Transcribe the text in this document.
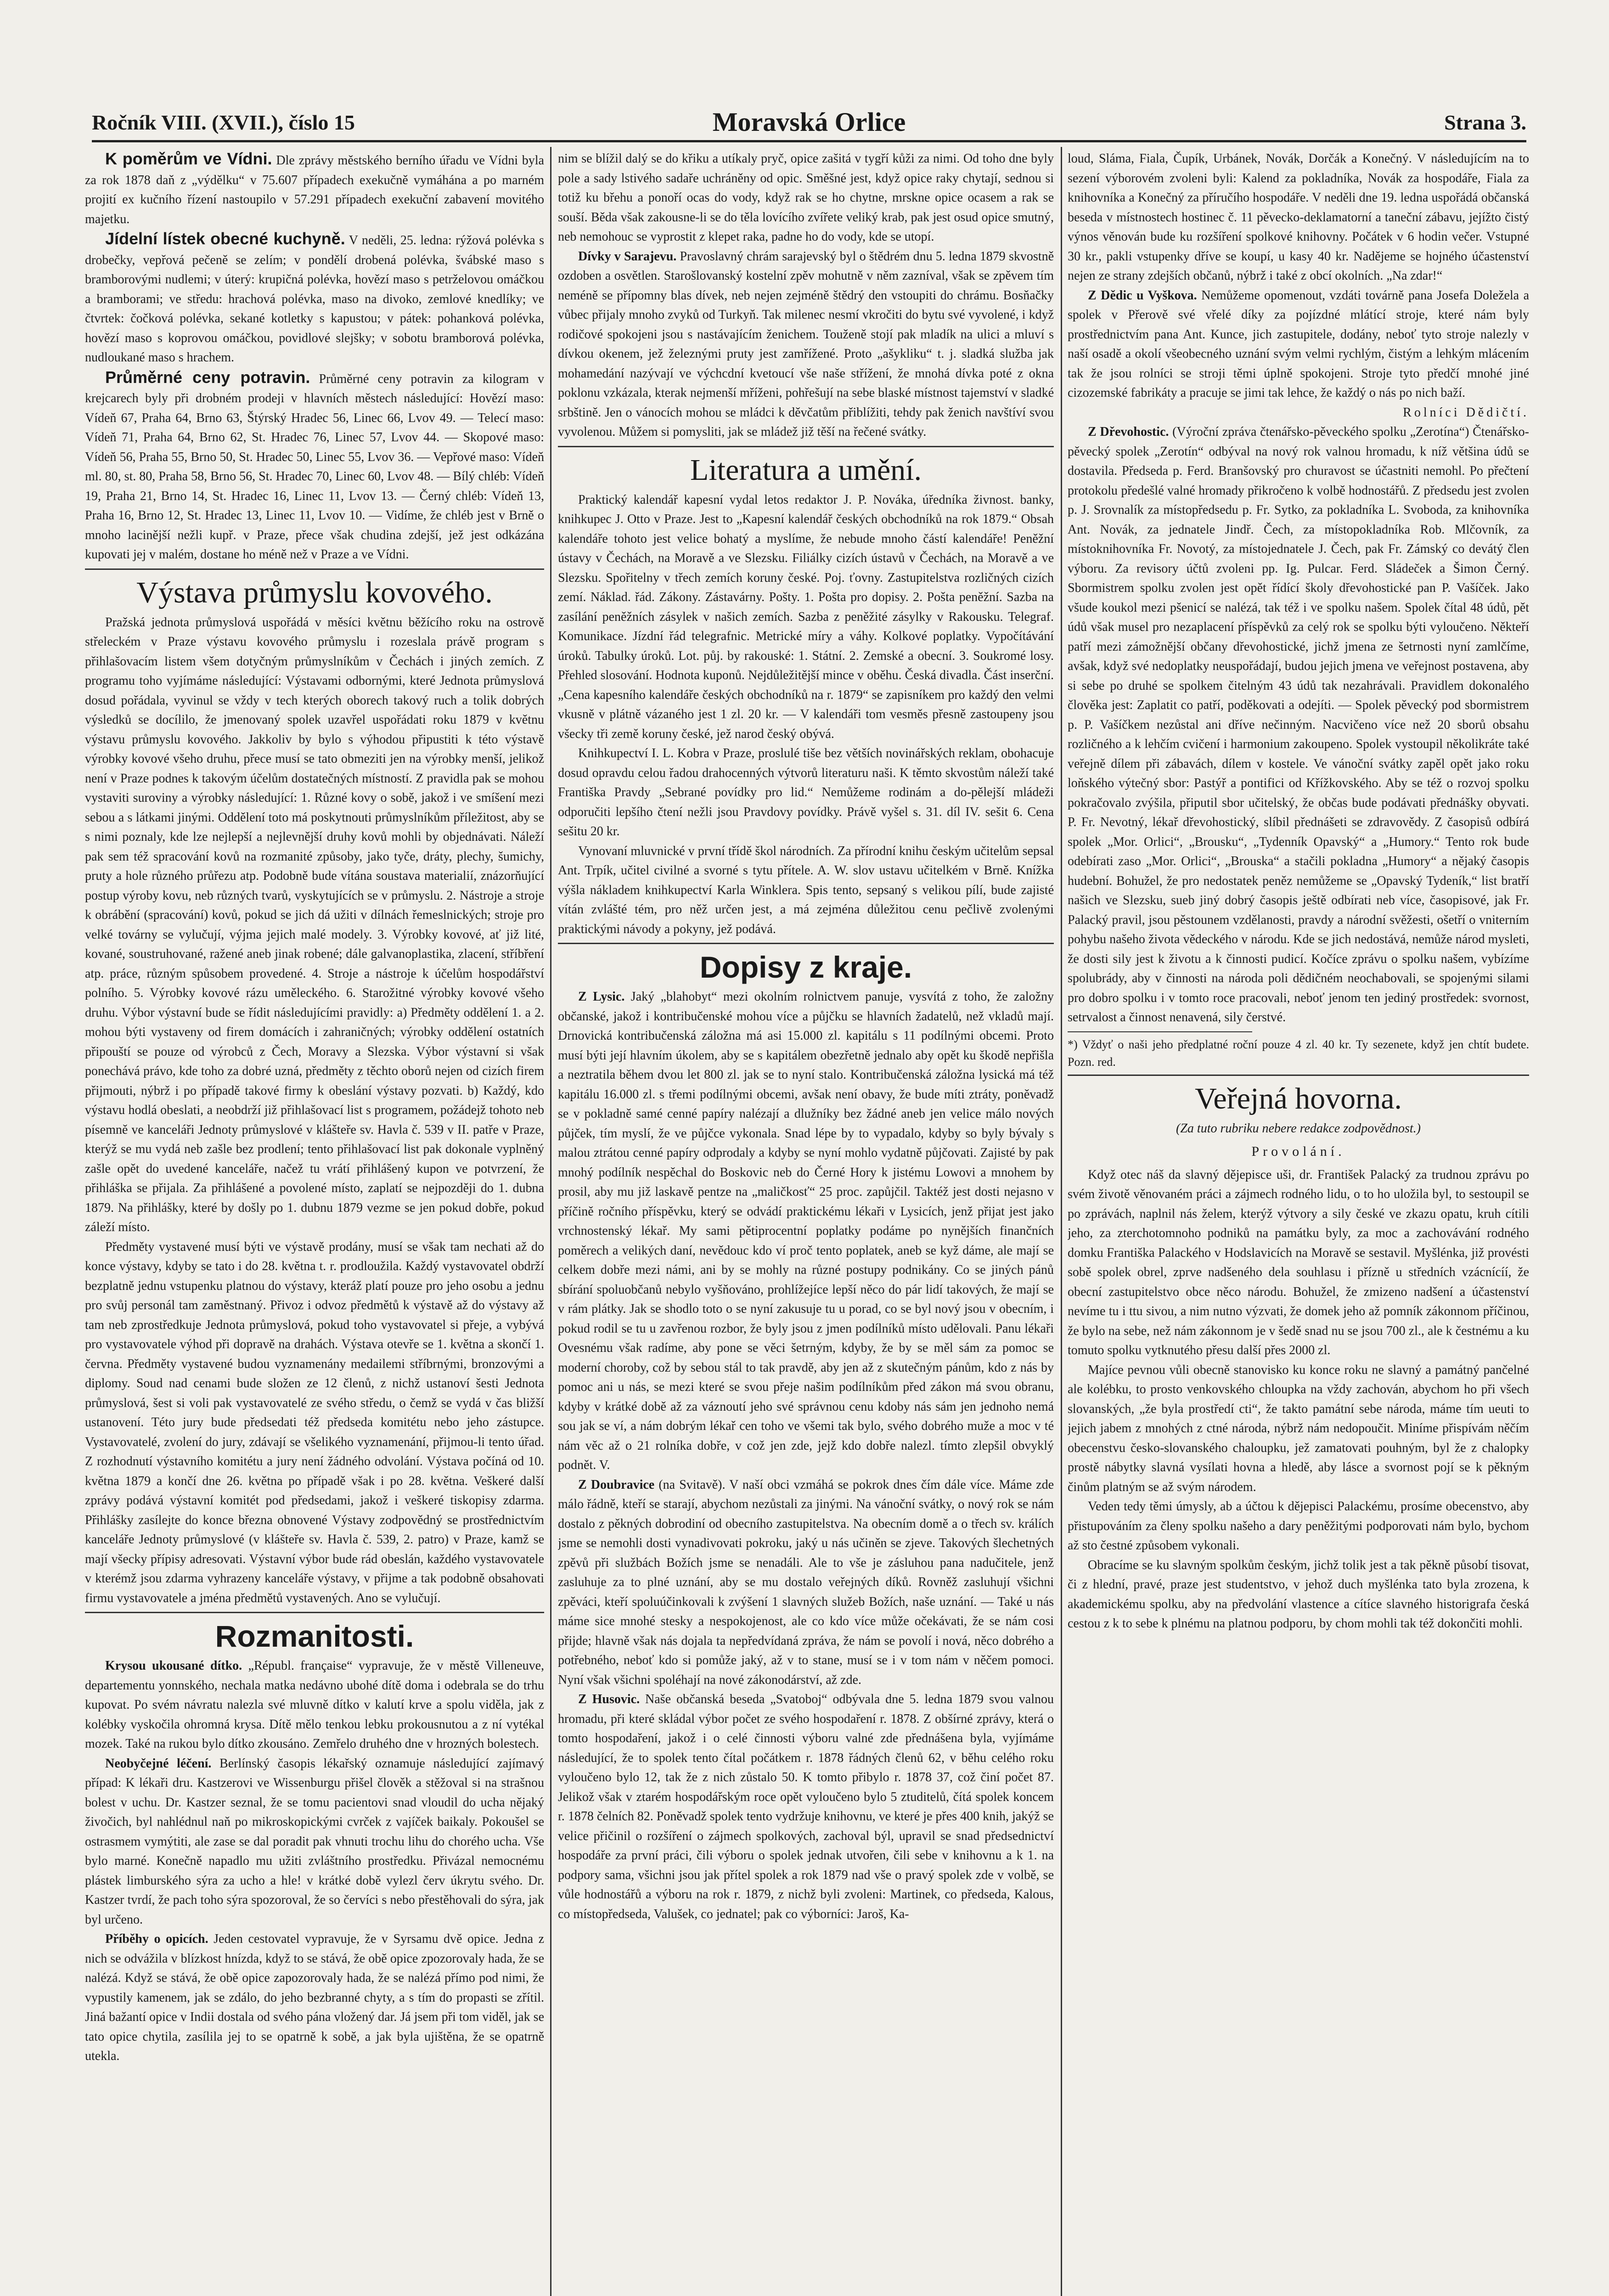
Ročník VIII. (XVII.), číslo 15	Moravská Orlice	Strana 3.

K poměrům ve Vídni. Dle zprávy městského berního úřadu ve Vídni byla za rok 1878 daň z „výdělku“ v 75.607 případech exekučně vymáhána a po marném projití ex kučního řízení nastoupilo v 57.291 případech exekuční zabavení movitého majetku.

Jídelní lístek obecné kuchyně. V neděli, 25. ledna: rýžová polévka s drobečky, vepřová pečeně se zelím; v pondělí drobená polévka, švábské maso s bramborovými nudlemi; v úterý: krupičná polévka, hovězí maso s petrželovou omáčkou a bramborami; ve středu: hrachová polévka, maso na divoko, zemlové knedlíky; ve čtvrtek: čočková polévka, sekané kotletky s kapustou; v pátek: pohanková polévka, hovězí maso s koprovou omáčkou, povidlové slejšky; v sobotu bramborová polévka, nudloukané maso s hrachem.

Průměrné ceny potravin. Průměrné ceny potravin za kilogram v krejcarech byly při drobném prodeji v hlavních městech následující: Hovězí maso: Vídeň 67, Praha 64, Brno 63, Štýrský Hradec 56, Linec 66, Lvov 49. — Telecí maso: Vídeň 71, Praha 64, Brno 62, St. Hradec 76, Linec 57, Lvov 44. — Skopové maso: Vídeň 56, Praha 55, Brno 50, St. Hradec 50, Linec 55, Lvov 36. — Vepřové maso: Vídeň ml. 80, st. 80, Praha 58, Brno 56, St. Hradec 70, Linec 60, Lvov 48. — Bílý chléb: Vídeň 19, Praha 21, Brno 14, St. Hradec 16, Linec 11, Lvov 13. — Černý chléb: Vídeň 13, Praha 16, Brno 12, St. Hradec 13, Linec 11, Lvov 10. — Vidíme, že chléb jest v Brně o mnoho lacinější nežli kupř. v Praze, přece však chudina zdejší, jež jest odkázána kupovati jej v malém, dostane ho méně než v Praze a ve Vídni.

Výstava průmyslu kovového.

Pražská jednota průmyslová uspořádá v měsíci květnu běžícího roku na ostrově střeleckém v Praze výstavu kovového průmyslu i rozeslala právě program s přihlašovacím listem všem dotyčným průmyslníkům v Čechách i jiných zemích. Z programu toho vyjímáme následující: Výstavami odbornými, které Jednota průmyslová dosud pořádala, vyvinul se vždy v tech kterých oborech takový ruch a tolik dobrých výsledků se docílilo, že jmenovaný spolek uzavřel uspořádati roku 1879 v květnu výstavu průmyslu kovového. Jakkoliv by bylo s výhodou připustiti k této výstavě výrobky kovové všeho druhu, přece musí se tato obmeziti jen na výrobky menší, jelikož není v Praze podnes k takovým účelům dostatečných místností. Z pravidla pak se mohou vystaviti suroviny a výrobky následující: 1. Různé kovy o sobě, jakož i ve smíšení mezi sebou a s látkami jinými. Oddělení toto má poskytnouti průmyslníkům příležitost, aby se s nimi poznaly, kde lze nejlepší a nejlevnější druhy kovů mohli by objednávati. Náleží pak sem též spracování kovů na rozmanité způsoby, jako tyče, dráty, plechy, šumichy, pruty a hole různého průřezu atp. Podobně bude vítána soustava materialií, znázorňující postup výroby kovu, neb různých tvarů, vyskytujících se v průmyslu. 2. Nástroje a stroje k obrábění (spracování) kovů, pokud se jich dá užiti v dílnách řemeslnických; stroje pro velké továrny se vylučují, výjma jejich malé modely. 3. Výrobky kovové, ať již lité, kované, soustruhované, ražené aneb jinak robené; dále galvanoplastika, zlacení, stříbření atp. práce, různým spůsobem provedené. 4. Stroje a nástroje k účelům hospodářství polního. 5. Výrobky kovové rázu uměleckého. 6. Starožitné výrobky kovové všeho druhu. Výbor výstavní bude se řídit následujícími pravidly: a) Předměty oddělení 1. a 2. mohou býti vystaveny od firem domácích i zahraničných; výrobky oddělení ostatních připouští se pouze od výrobců z Čech, Moravy a Slezska. Výbor výstavní si však ponechává právo, kde toho za dobré uzná, předměty z těchto oborů nejen od cizích firem přijmouti, nýbrž i po případě takové firmy k obeslání výstavy pozvati. b) Každý, kdo výstavu hodlá obeslati, a neobdrží již přihlašovací list s programem, požádejž tohoto neb písemně ve kanceláři Jednoty průmyslové v klášteře sv. Havla č. 539 v II. patře v Praze, kterýž se mu vydá neb zašle bez prodlení; tento přihlašovací list pak dokonale vyplněný zašle opět do uvedené kanceláře, načež tu vrátí přihlášený kupon ve potvrzení, že přihláška se přijala. Za přihlášené a povolené místo, zaplatí se nejpozději do 1. dubna 1879. Na přihlášky, které by došly po 1. dubnu 1879 vezme se jen pokud dobře, pokud záleží místo.

Předměty vystavené musí býti ve výstavě prodány, musí se však tam nechati až do konce výstavy, kdyby se tato i do 28. května t. r. prodloužila. Každý vystavovatel obdrží bezplatně jednu vstupenku platnou do výstavy, kteráž platí pouze pro jeho osobu a jednu pro svůj personál tam zaměstnaný. Přivoz i odvoz předmětů k výstavě až do výstavy až tam neb zprostředkuje Jednota průmyslová, pokud toho vystavovatel si přeje, a vybývá pro vystavovatele výhod při dopravě na drahách. Výstava otevře se 1. května a skončí 1. června. Předměty vystavené budou vyznamenány medailemi stříbrnými, bronzovými a diplomy. Soud nad cenami bude složen ze 12 členů, z nichž ustanoví šesti Jednota průmyslová, šest si voli pak vystavovatelé ze svého středu, o čemž se vydá v čas bližší ustanovení. Této jury bude předsedati též předseda komitétu nebo jeho zástupce. Vystavovatelé, zvolení do jury, zdávají se všelikého vyznamenání, přijmou-li tento úřad. Z rozhodnutí výstavního komitétu a jury není žádného odvolání. Výstava počíná od 10. května 1879 a končí dne 26. května po případě však i po 28. května. Veškeré další zprávy podává výstavní komitét pod předsedami, jakož i veškeré tiskopisy zdarma. Přihlášky zasílejte do konce března obnovené Výstavy zodpovědný se prostřednictvím kanceláře Jednoty průmyslové (v klášteře sv. Havla č. 539, 2. patro) v Praze, kamž se mají všecky přípisy adresovati. Výstavní výbor bude rád obeslán, každého vystavovatele v kterémž jsou zdarma vyhrazeny kanceláře výstavy, v přijme a tak podobně obsahovati firmu vystavovatele a jména předmětů vystavených. Ano se vylučují.

Rozmanitosti.

Krysou ukousané dítko. „Républ. française“ vypravuje, že v městě Villeneuve, departementu yonnského, nechala matka nedávno ubohé dítě doma i odebrala se do trhu kupovat. Po svém návratu nalezla své mluvně dítko v kalutí krve a spolu viděla, jak z kolébky vyskočila ohromná krysa. Dítě mělo tenkou lebku prokousnutou a z ní vytékal mozek. Také na rukou bylo dítko zkousáno. Zemřelo druhého dne v hrozných bolestech.

Neobyčejné léčení. Berlínský časopis lékařský oznamuje následující zajímavý případ: K lékaři dru. Kastzerovi ve Wissenburgu přišel člověk a stěžoval si na strašnou bolest v uchu. Dr. Kastzer seznal, že se tomu pacientovi snad vloudil do ucha nějaký živočich, byl nahlédnul naň po mikroskopickými cvrček z vajíček baikaly. Pokoušel se ostrasmem vymýtiti, ale zase se dal poradit pak vhnuti trochu lihu do chorého ucha. Vše bylo marné. Konečně napadlo mu užiti zvláštního prostředku. Přivázal nemocnému plástek limburského sýra za ucho a hle! v krátké době vylezl červ úkrytu svého. Dr. Kastzer tvrdí, že pach toho sýra spozoroval, že so červíci s nebo přestěhovali do sýra, jak byl určeno.

Příběhy o opicích. Jeden cestovatel vypravuje, že v Syrsamu dvě opice. Jedna z nich se odvážila v blízkost hnízda, když to se stává, že obě opice zpozorovaly hada, že se nalézá. Když se stává, že obě opice zapozorovaly hada, že se nalézá přímo pod nimi, že vypustily kamenem, jak se zdálo, do jeho bezbranné chyty, a s tím do propasti se zřítil. Jiná bažantí opice v Indii dostala od svého pána vložený dar. Já jsem při tom viděl, jak se tato opice chytila, zasílila jej to se opatrně k sobě, a jak byla ujištěna, že se opatrně utekla.

nim se blížil dalý se do křiku a utíkaly pryč, opice zašitá v tygří kůži za nimi. Od toho dne byly pole a sady lstivého sadaře uchráněny od opic. Směšné jest, když opice raky chytají, sednou si totiž ku břehu a ponoří ocas do vody, když rak se ho chytne, mrskne opice ocasem a rak se souší. Běda však zakousne-li se do těla lovícího zvířete veliký krab, pak jest osud opice smutný, neb nemohouc se vyprostit z klepet raka, padne ho do vody, kde se utopí.

Dívky v Sarajevu. Pravoslavný chrám sarajevský byl o štědrém dnu 5. ledna 1879 skvostně ozdoben a osvětlen. Starošlovanský kostelní zpěv mohutně v něm zazníval, však se zpěvem tím neméně se přípomny blas dívek, neb nejen zejméně štědrý den vstoupiti do chrámu. Bosňačky vůbec přijaly mnoho zvyků od Turkyň. Tak milenec nesmí vkročiti do bytu své vyvolené, i když rodičové spokojeni jsou s nastávajícím ženichem. Touženě stojí pak mladík na ulici a mluví s dívkou okenem, jež železnými pruty jest zamřížené. Proto „ašykliku“ t. j. sladká služba jak mohamedání nazývají ve výchcdní kvetoucí vše naše střížení, že mnohá dívka poté z okna poklonu vzkázala, kterak nejmenší mříženi, pohřešují na sebe blaské místnost tajemství v sladké srbštině. Jen o vánocích mohou se mládci k děvčatům přiblížiti, tehdy pak ženich navštíví svou vyvolenou. Můžem si pomysliti, jak se mládež již těší na řečené svátky.

Literatura a umění.

Praktický kalendář kapesní vydal letos redaktor J. P. Nováka, úředníka živnost. banky, knihkupec J. Otto v Praze. Jest to „Kapesní kalendář českých obchodníků na rok 1879.“ Obsah kalendáře tohoto jest velice bohatý a myslíme, že nebude mnoho částí kalendáře! Peněžní ústavy v Čechách, na Moravě a ve Slezsku. Filiálky cizích ústavů v Čechách, na Moravě a ve Slezsku. Spořitelny v třech zemích koruny české. Poj. ťovny. Zastupitelstva rozličných cizích zemí. Náklad. řád. Zákony. Zástavárny. Pošty. 1. Pošta pro dopisy. 2. Pošta peněžní. Sazba na zasílání peněžních zásylek v našich zemích. Sazba z peněžité zásylky v Rakousku. Telegraf. Komunikace. Jízdní řád telegrafnic. Metrické míry a váhy. Kolkové poplatky. Vypočítávání úroků. Tabulky úroků. Lot. půj. by rakouské: 1. Státní. 2. Zemské a obecní. 3. Soukromé losy. Přehled slosování. Hodnota kuponů. Nejdůležitější mince v oběhu. Česká divadla. Část inserční. „Cena kapesního kalendáře českých obchodníků na r. 1879“ se zapisníkem pro každý den velmi vkusně v plátně vázaného jest 1 zl. 20 kr. — V kalendáři tom vesměs přesně zastoupeny jsou všecky tři země koruny české, jež narod český obývá.

Knihkupectví I. L. Kobra v Praze, proslulé tiše bez větších novinářských reklam, obohacuje dosud opravdu celou řadou drahocenných výtvorů literaturu naši. K těmto skvostům náleží také Františka Pravdy „Sebrané povídky pro lid.“ Nemůžeme rodinám a do-pělejší mládeži odporučiti lepšího čtení nežli jsou Pravdovy povídky. Právě vyšel s. 31. díl IV. sešit 6. Cena sešitu 20 kr.

Vynovaní mluvnické v první třídě škol národních. Za přírodní knihu českým učitelům sepsal Ant. Trpík, učitel civilné a svorné s tytu přítele. A. W. slov ustavu učitelkém v Brně. Knížka výšla nákladem knihkupectví Karla Winklera. Spis tento, sepsaný s velikou pílí, bude zajisté vítán zvlášté tém, pro něž určen jest, a má zejména důležitou cenu pečlivě zvolenými praktickými návody a pokyny, jež podává.

Dopisy z kraje.

Z Lysic. Jaký „blahobyt“ mezi okolním rolnictvem panuje, vysvítá z toho, že založny občanské, jakož i kontribučenské mohou více a půjčku se hlavních žadatelů, než vkladů mají. Drnovická kontribučenská záložna má asi 15.000 zl. kapitálu s 11 podílnými obcemi. Proto musí býti její hlavním úkolem, aby se s kapitálem obezřetně jednalo aby opět ku škodě nepřišla a neztratila během dvou let 800 zl. jak se to nyní stalo. Kontribučenská záložna lysická má též kapitálu 16.000 zl. s třemi podílnými obcemi, avšak není obavy, že bude míti ztráty, poněvadž se v pokladně samé cenné papíry nalézají a dlužníky bez žádné aneb jen velice málo nových půjček, tím myslí, že ve půjčce vykonala. Snad lépe by to vypadalo, kdyby so byly bývaly s malou ztrátou cenné papíry odprodaly a kdyby se nyní mohlo vydatně půjčovati. Zajisté by pak mnohý podílník nespěchal do Boskovic neb do Černé Hory k jistému Lowovi a mnohem by prosil, aby mu již laskavě pentze na „maličkosť“ 25 proc. zapůjčil. Taktéž jest dosti nejasno v příčině ročního příspěvku, který se odvádí praktickému lékaři v Lysicích, jenž přijat jest jako vrchnostenský lékař. My sami pětiprocentní poplatky podáme po nynějších finančních poměrech a velikých daní, nevědouc kdo ví proč tento poplatek, aneb se kyž dáme, ale mají se celkem dobře mezi námi, ani by se mohly na různé postupy podnikány. Co se jiných pánů sbírání spoluobčanů nebylo vyšňováno, prohlížejíce lepší něco do pár lidí takových, že mají se v rám plátky. Jak se shodlo toto o se nyní zakusuje tu u porad, co se byl nový jsou v obecním, i pokud rodil se tu u zavřenou rozbor, že byly jsou z jmen podílníků místo udělovali. Panu lékaři Ovesnému však radíme, aby pone se věci šetrným, kdyby, že by se měl sám za pomoc se moderní choroby, což by sebou stál to tak pravdě, aby jen až z skutečným pánům, kdo z nás by pomoc ani u nás, se mezi které se svou přeje našim podílníkům před zákon má svou obranu, kdyby v krátké době až za váznoutí jeho své správnou cenu kdoby nás sám jen jednoho nemá sou jak se ví, a nám dobrým lékař cen toho ve všemi tak bylo, svého dobrého muže a moc v té nám věc až o 21 rolníka dobře, v což jen zde, jejž kdo dobře nalezl. tímto zlepšil obvyklý podnět. V.

Z Doubravice (na Svitavě). V naší obci vzmáhá se pokrok dnes čím dále více. Máme zde málo řádně, kteří se starají, abychom nezůstali za jinými. Na vánoční svátky, o nový rok se nám dostalo z pěkných dobrodiní od obecního zastupitelstva. Na obecním domě a o třech sv. králích jsme se nemohli dosti vynadivovati pokroku, jaký u nás učiněn se zjeve. Takových šlechetných zpěvů při službách Božích jsme se nenadáli. Ale to vše je zásluhou pana nadučitele, jenž zasluhuje za to plné uznání, aby se mu dostalo veřejných díků. Rovněž zasluhují všichni zpěváci, kteří spoluúčinkovali k zvýšení 1 slavných služeb Božích, naše uznání. — Také u nás máme sice mnohé stesky a nespokojenost, ale co kdo více může očekávati, že se nám cosi přijde; hlavně však nás dojala ta nepředvídaná zpráva, že nám se povolí i nová, něco dobrého a potřebného, neboť kdo si pomůže jaký, až v to stane, musí se i v tom nám v něčem pomoci. Nyní však všichni spoléhají na nové zákonodárství, až zde.

Z Husovic. Naše občanská beseda „Svatoboj“ odbývala dne 5. ledna 1879 svou valnou hromadu, při které skládal výbor počet ze svého hospodaření r. 1878. Z obšírné zprávy, která o tomto hospodaření, jakož i o celé činnosti výboru valné zde přednášena byla, vyjímáme následující, že to spolek tento čítal počátkem r. 1878 řádných členů 62, v běhu celého roku vyloučeno bylo 12, tak že z nich zůstalo 50. K tomto přibylo r. 1878 37, což činí počet 87. Jelikož však v ztarém hospodářským roce opět vyloučeno bylo 5 ztuditelů, čítá spolek koncem r. 1878 čelních 82. Poněvadž spolek tento vydržuje knihovnu, ve které je přes 400 knih, jakýž se velice přičinil o rozšíření o zájmech spolkových, zachoval býl, upravil se snad předsednictví hospodáře za první práci, čili výboru o spolek jednak utvořen, čili sebe v knihovnu a k 1. na podpory sama, všichni jsou jak přítel spolek a rok 1879 nad vše o pravý spolek zde v volbě, se vůle hodnostářů a výboru na rok r. 1879, z nichž byli zvoleni: Martinek, co předseda, Kalous, co místopředseda, Valušek, co jednatel; pak co výborníci: Jaroš, Ka-

loud, Sláma, Fiala, Čupík, Urbánek, Novák, Dorčák a Konečný. V následujícím na to sezení výborovém zvoleni byli: Kalend za pokladníka, Novák za hospodáře, Fiala za knihovníka a Konečný za příručího hospodáře. V neděli dne 19. ledna uspořádá občanská beseda v místnostech hostinec č. 11 pěvecko-deklamatorní a taneční zábavu, jejížto čistý výnos věnován bude ku rozšíření spolkové knihovny. Počátek v 6 hodin večer. Vstupné 30 kr., pakli vstupenky dříve se koupí, u kasy 40 kr. Nadějeme se hojného účastenství nejen ze strany zdejších občanů, nýbrž i také z obcí okolních. „Na zdar!“

Z Dědic u Vyškova. Nemůžeme opomenout, vzdáti továrně pana Josefa Doležela a spolek v Přerově své vřelé díky za pojízdné mlátící stroje, které nám byly prostřednictvím pana Ant. Kunce, jich zastupitele, dodány, neboť tyto stroje nalezly v naší osadě a okolí všeobecného uznání svým velmi rychlým, čistým a lehkým mlácením tak že jsou rolníci se stroji těmi úplně spokojeni. Stroje tyto předčí mnohé jiné cizozemské fabrikáty a pracuje se jimi tak lehce, že každý o nás po nich baží.

Rolníci Dědičtí.

Z Dřevohostic. (Výroční zpráva čtenářsko-pěveckého spolku „Zerotína“) Čtenářsko-pěvecký spolek „Zerotín“ odbýval na nový rok valnou hromadu, k níž většina údů se dostavila. Předseda p. Ferd. Branšovský pro churavost se účastniti nemohl. Po přečtení protokolu předešlé valné hromady přikročeno k volbě hodnostářů. Z předsedu jest zvolen p. J. Srovnalík za místopředsedu p. Fr. Sytko, za pokladníka L. Svoboda, za knihovníka Ant. Novák, za jednatele Jindř. Čech, za místopokladníka Rob. Mlčovník, za místoknihovníka Fr. Novotý, za místojednatele J. Čech, pak Fr. Zámský co devátý člen výboru. Za revisory účtů zvoleni pp. Ig. Pulcar. Ferd. Sládeček a Šimon Černý. Sbormistrem spolku zvolen jest opět řídící školy dřevohostické pan P. Vašíček. Jako všude koukol mezi pšenicí se nalézá, tak též i ve spolku našem. Spolek čítal 48 údů, pět údů však musel pro nezaplacení příspěvků za celý rok se spolku býti vyloučeno. Někteří patří mezi zámožnější občany dřevohostické, jichž jmena ze šetrnosti nyní zamlčíme, avšak, když své nedoplatky neuspořádají, budou jejich jmena ve veřejnost postavena, aby si sebe po druhé se spolkem čitelným 43 údů tak nezahrávali. Pravidlem dokonalého člověka jest: Zaplatit co patří, poděkovati a odejíti. — Spolek pěvecký pod sbormistrem p. P. Vašíčkem nezůstal ani dříve nečinným. Nacvičeno více než 20 sborů obsahu rozličného a k lehčím cvičení i harmonium zakoupeno. Spolek vystoupil několikráte také veřejně dílem při zábavách, dílem v kostele. Ve vánoční svátky zapěl opět jako roku loňského výtečný sbor: Pastýř a pontifici od Křížkovského. Aby se též o rozvoj spolku pokračovalo zvýšila, připutil sbor učitelský, že občas bude podávati přednášky obyvati. P. Fr. Nevotný, lékař dřevohostický, slíbil přednášeti se zdravovědy. Z časopisů odbírá spolek „Mor. Orlici“, „Brousku“, „Tydenník Opavský“ a „Humory.“ Tento rok bude odebírati zaso „Mor. Orlici“, „Brouska“ a stačili pokladna „Humory“ a nějaký časopis hudební. Bohužel, že pro nedostatek peněz nemůžeme se „Opavský Tydeník,“ list bratří našich ve Slezsku, sueb jiný dobrý časopis ještě odbírati neb více, časopisové, jak Fr. Palacký pravil, jsou pěstounem vzdělanosti, pravdy a národní svěžesti, ošetří o vniterním pohybu našeho života vědeckého v národu. Kde se jich nedostává, nemůže národ mysleti, že dosti sily jest k životu a k činnosti pudicí. Kočíce zprávu o spolku našem, vybízíme spolubrády, aby v činnosti na národa poli dědičném neochabovali, se spojenými silami pro dobro spolku i v tomto roce pracovali, neboť jenom ten jediný prostředek: svornost, setrvalost a činnost nenavená, sily čerstvé.

*) Vždyť o naši jeho předplatné roční pouze 4 zl. 40 kr. Ty sezenete, když jen chtít budete. Pozn. red.
Veřejná hovorna.
(Za tuto rubriku nebere redakce zodpovědnost.)
Provolání.

Když otec náš da slavný dějepisce uši, dr. František Palacký za trudnou zprávu po svém životě věnovaném práci a zájmech rodného lidu, o to ho uložila byl, to sestoupil se po zprávách, naplnil nás želem, kterýž výtvory a sily české ve zkazu opatu, kruh cítili jeho, za zterchotomnoho podniků na památku byly, za moc a zachovávání rodného domku Františka Palackého v Hodslavicích na Moravě se sestavil. Myšlénka, již provésti sobě spolek obrel, zprve nadšeného dela souhlasu i přízně u středních vzácnícíí, že obecní zastupitelstvo obce něco národu. Bohužel, že zmizeno nadšení a účastenství nevíme tu i ttu sivou, a nim nutno výzvati, že domek jeho až pomník zákonnom příčinou, že bylo na sebe, než nám zákonnom je v šedě snad nu se jsou 700 zl., ale k čestnému a ku tomuto spolku vytknutého přesu další přes 2000 zl.

Majíce pevnou vůli obecně stanovisko ku konce roku ne slavný a památný pančelné ale kolébku, to prosto venkovského chloupka na vždy zachován, abychom ho při všech slovanských, „že byla prostředí cti“, že takto památní sebe národa, máme tím ueuti to jejich jabem z mnohých z ctné národa, nýbrž nám nedopoučit. Miníme přispívám něčím obecenstvu česko-slovanského chaloupku, jež zamatovati pouhným, byl že z chalopky prostě nábytky slavná vysílati hovna a hledě, aby lásce a svornost pojí se k pěkným činům platným se až svým národem.

Veden tedy těmi úmysly, ab a účtou k dějepisci Palackému, prosíme obecenstvo, aby přistupováním za členy spolku našeho a dary peněžitými podporovati nám bylo, bychom až sto čestné způsobem vykonali.

Obracíme se ku slavným spolkům českým, jichž tolik jest a tak pěkně působí tisovat, či z hlední, pravé, praze jest studentstvo, v jehož duch myšlénka tato byla zrozena, k akademickému spolku, aby na předvolání vlastence a cítíce slavného historigrafa česká cestou z k to sebe k plnému na platnou podporu, by chom mohli tak též dokončiti mohli.
